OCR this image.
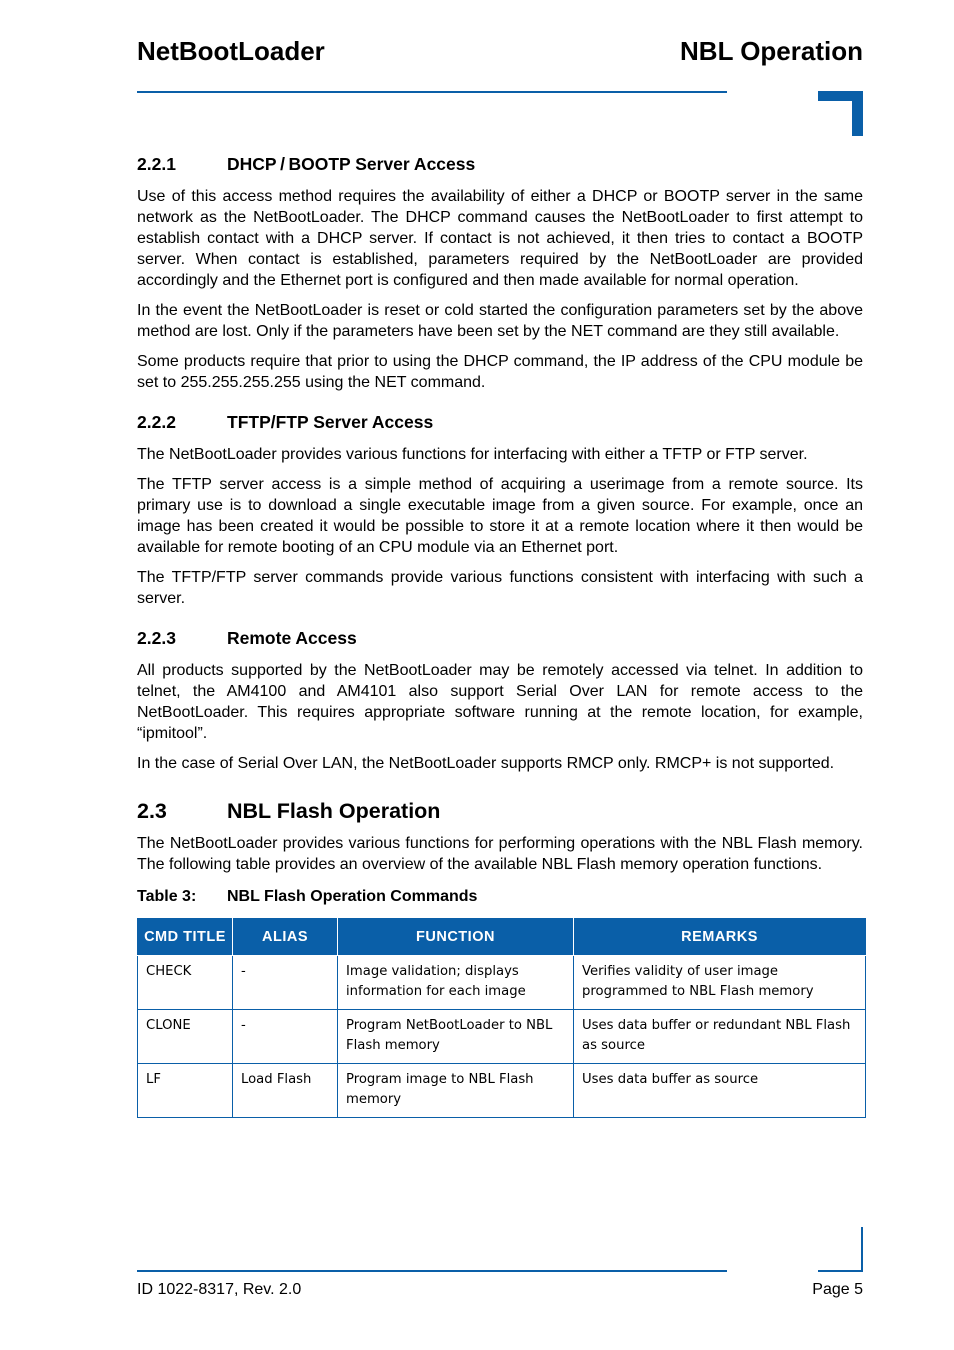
NetBootLoader	NBL Operation
2.2.1	DHCP / BOOTP Server Access

Use of this access method requires the availability of either a DHCP or BOOTP server in the same network as the NetBootLoader. The DHCP command causes the NetBootLoader to first attempt to establish contact with a DHCP server. If contact is not achieved, it then tries to contact a BOOTP server. When contact is established, parameters required by the NetBootLoader are provided accordingly and the Ethernet port is configured and then made available for normal operation.

In the event the NetBootLoader is reset or cold started the configuration parameters set by the above method are lost. Only if the parameters have been set by the NET command are they still available.

Some products require that prior to using the DHCP command, the IP address of the CPU module be set to 255.255.255.255 using the NET command.

2.2.2	TFTP/FTP Server Access

The NetBootLoader provides various functions for interfacing with either a TFTP or FTP server.

The TFTP server access is a simple method of acquiring a userimage from a remote source. Its primary use is to download a single executable image from a given source. For example, once an image has been created it would be possible to store it at a remote location where it then would be available for remote booting of an CPU module via an Ethernet port.

The TFTP/FTP server commands provide various functions consistent with interfacing with such a server.

2.2.3	Remote Access

All products supported by the NetBootLoader may be remotely accessed via telnet. In addition to telnet, the AM4100 and AM4101 also support Serial Over LAN for remote access to the NetBootLoader. This requires appropriate software running at the remote location, for example, “ipmitool”.

In the case of Serial Over LAN, the NetBootLoader supports RMCP only. RMCP+ is not supported.

2.3	NBL Flash Operation

The NetBootLoader provides various functions for performing operations with the NBL Flash memory. The following table provides an overview of the available NBL Flash memory operation functions.

Table 3:	NBL Flash Operation Commands
CMD TITLE	ALIAS	FUNCTION	REMARKS
CHECK	-	Image validation; displays information for each image	Verifies validity of user image programmed to NBL Flash memory
CLONE	-	Program NetBootLoader to NBL Flash memory	Uses data buffer or redundant NBL Flash as source
LF	Load Flash	Program image to NBL Flash memory	Uses data buffer as source
ID 1022-8317, Rev. 2.0	Page 5
